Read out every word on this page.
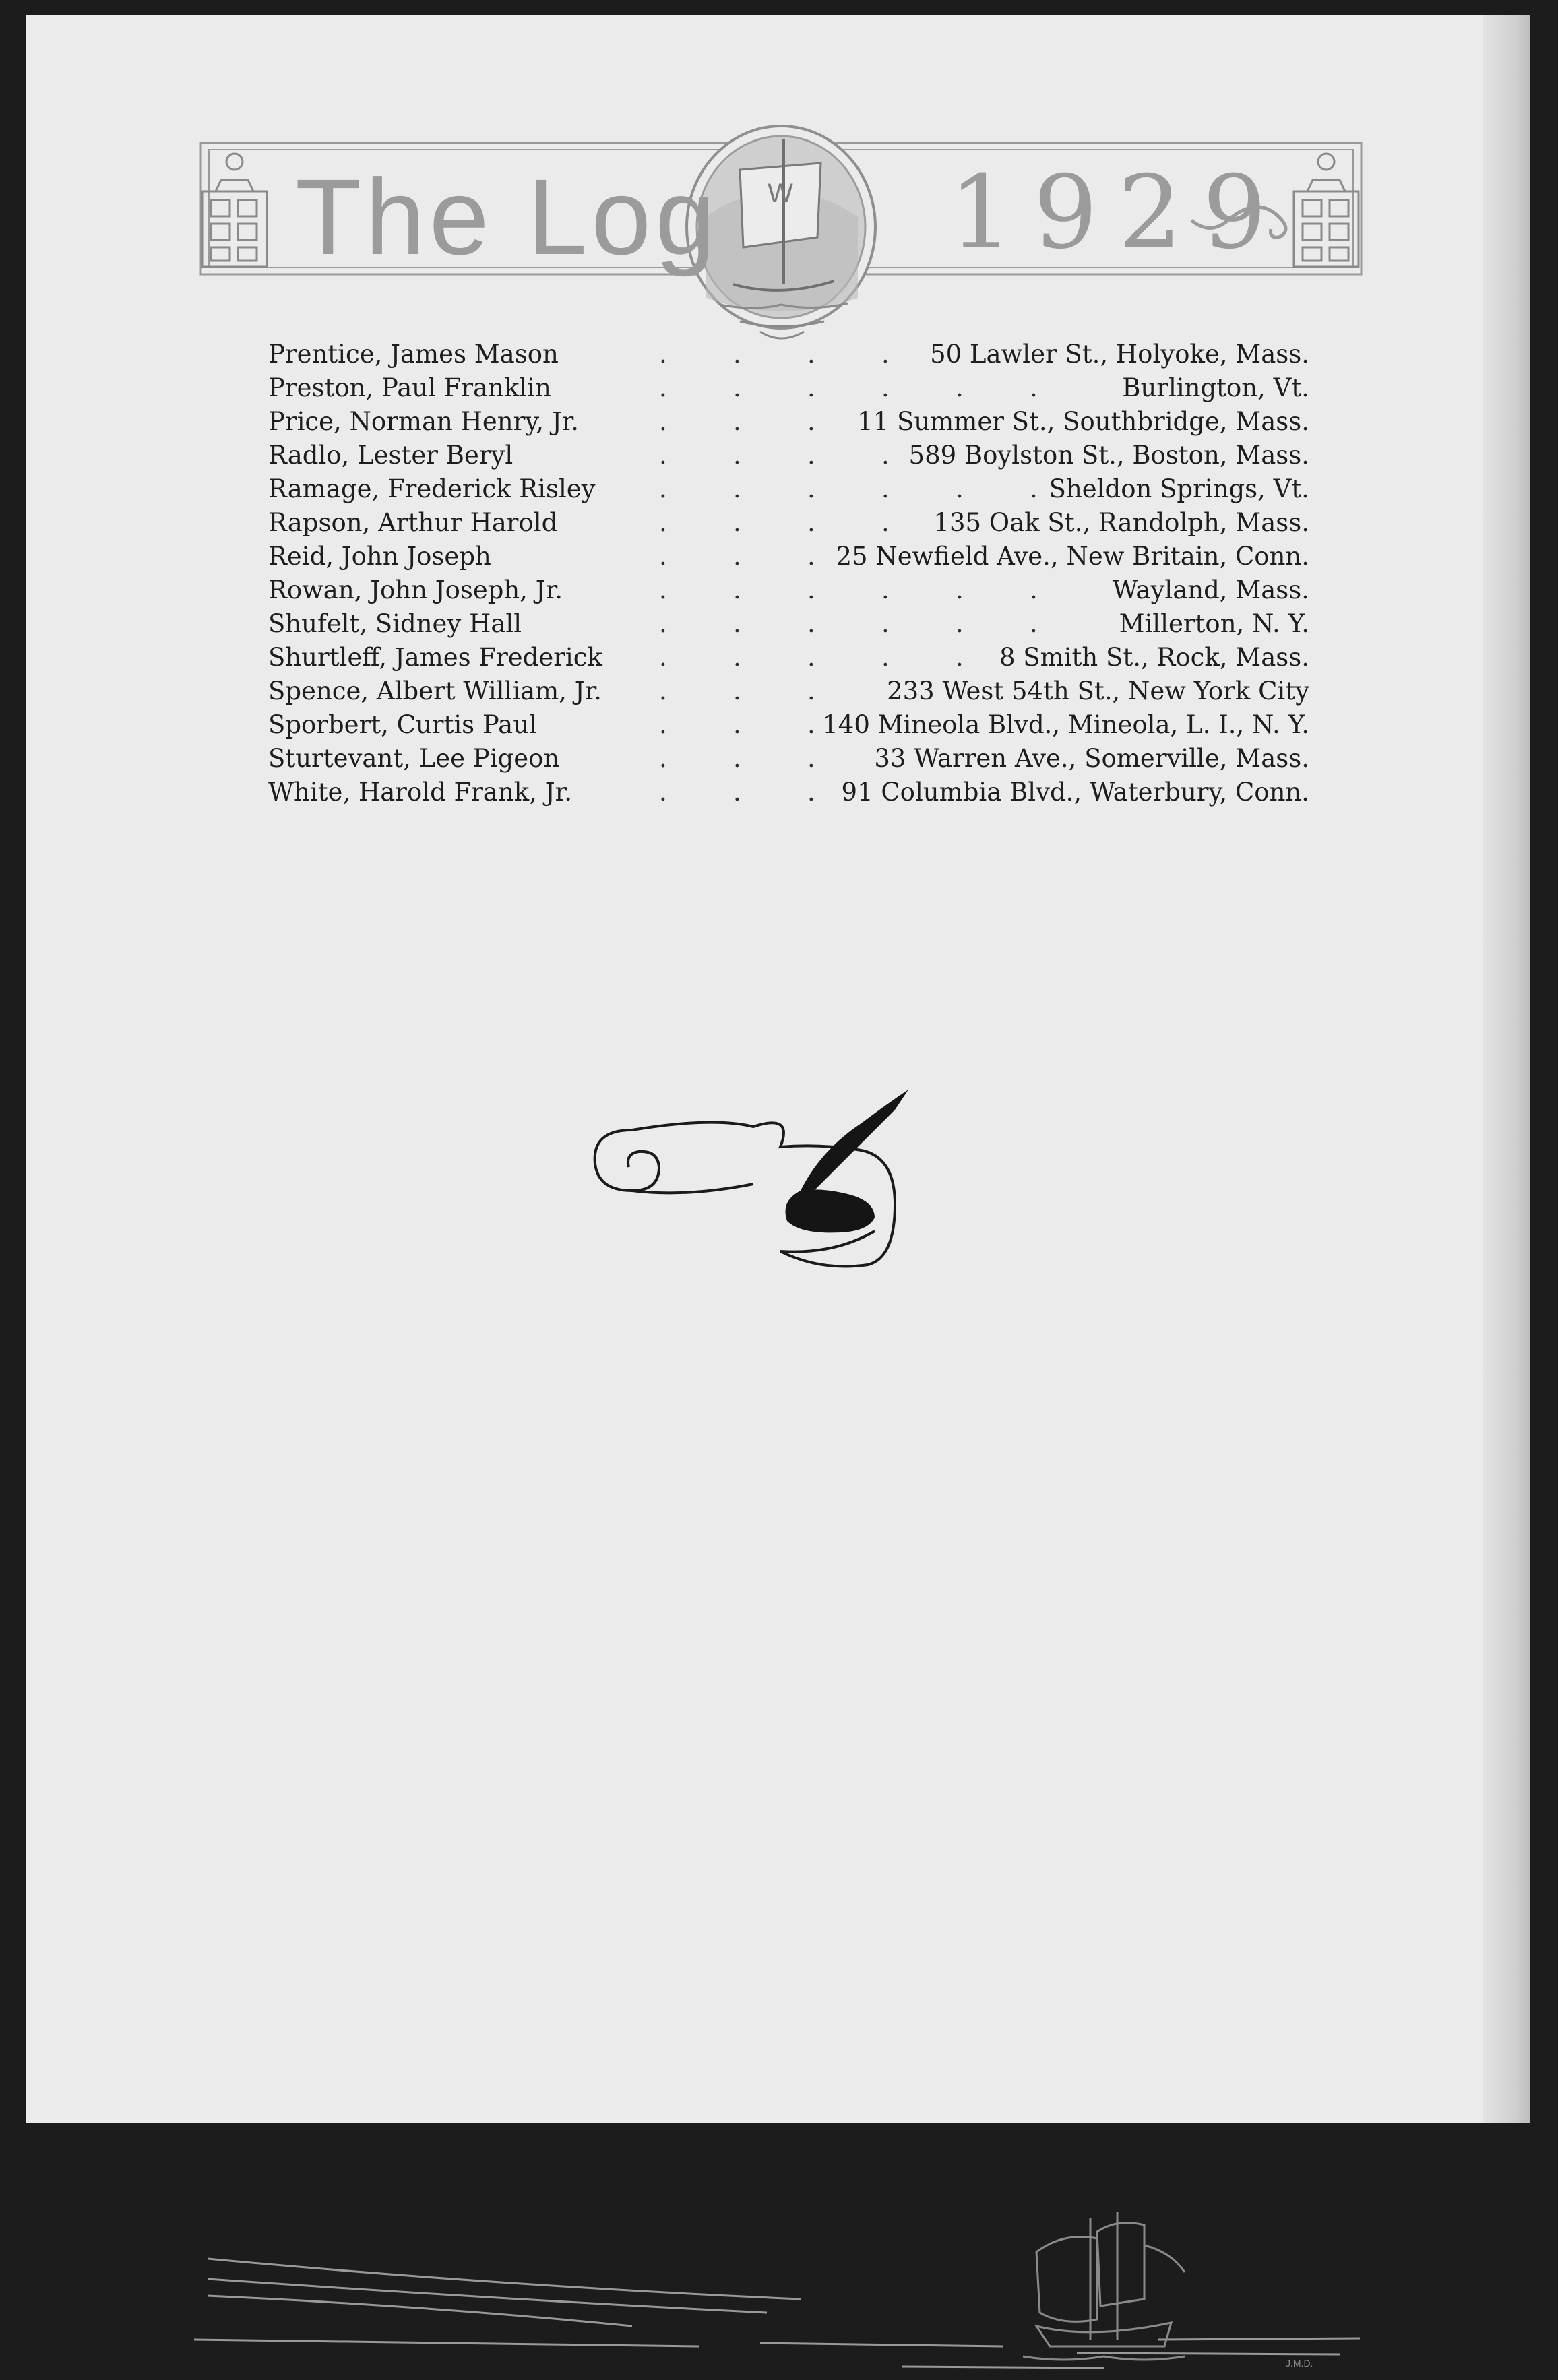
W
The Log 1929
Prentice, James Mason	50 Lawler St., Holyoke, Mass.
.	.	.	.
Preston, Paul Franklin	Burlington, Vt.
.	.	.	.	.	.
Price, Norman Henry, Jr.	11 Summer St., Southbridge, Mass.
.	.	.
Radlo, Lester Beryl	589 Boylston St., Boston, Mass.
.	.	.	.
Ramage, Frederick Risley	Sheldon Springs, Vt.
.	.	.	.	.	.
Rapson, Arthur Harold	135 Oak St., Randolph, Mass.
.	.	.	.
Reid, John Joseph	25 Newfield Ave., New Britain, Conn.
.	.	.
Rowan, John Joseph, Jr.	Wayland, Mass.
.	.	.	.	.	.
Shufelt, Sidney Hall	Millerton, N. Y.
.	.	.	.	.	.
Shurtleff, James Frederick	8 Smith St., Rock, Mass.
.	.	.	.	.
Spence, Albert William, Jr.	233 West 54th St., New York City
.	.	.
Sporbert, Curtis Paul	140 Mineola Blvd., Mineola, L. I., N. Y.
.	.	.
Sturtevant, Lee Pigeon	33 Warren Ave., Somerville, Mass.
.	.	.
White, Harold Frank, Jr.	91 Columbia Blvd., Waterbury, Conn.
.	.	.
J.M.D.
52
